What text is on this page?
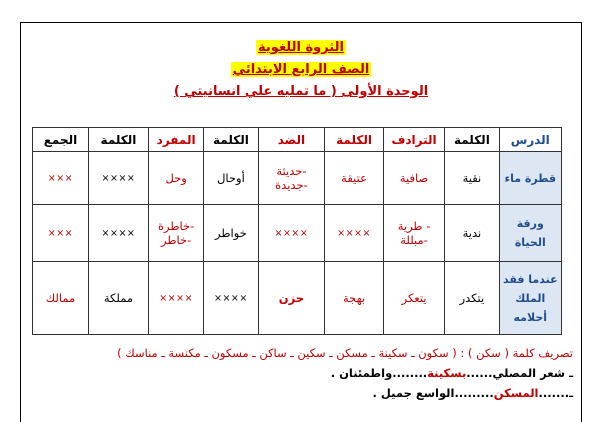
الثروة اللغوية
الصف الرابع الابتدائي
الوحدة الأولى ( ما تمليه علي انسانيتي )
الدرس	الكلمة	الترادف	الكلمة	الضد	الكلمة	المفرد	الكلمة	الجمع
قطرة ماء	نقية	صافية	عتيقة	-حديثة -جديدة	أوحال	وحل	××××	×××
ورقة الحياة	ندية	- طرية -مبللة	××××	××××	خواطر	-خاطرة -خاطر	××××	×××
عندما فقد الملك أحلامه	يتكدر	يتعكر	بهجة	حزن	××××	××××	مملكة	ممالك
تصريف كلمة ( سكن ) : ( سكون ـ سكينة ـ مسكن ـ سكين ـ ساكن ـ مسكون ـ مكنسة ـ مناسك )
ـ شعر المصلي......بسكينة........واطمئنان .
ـ.......المسكن.........الواسع جميل .
